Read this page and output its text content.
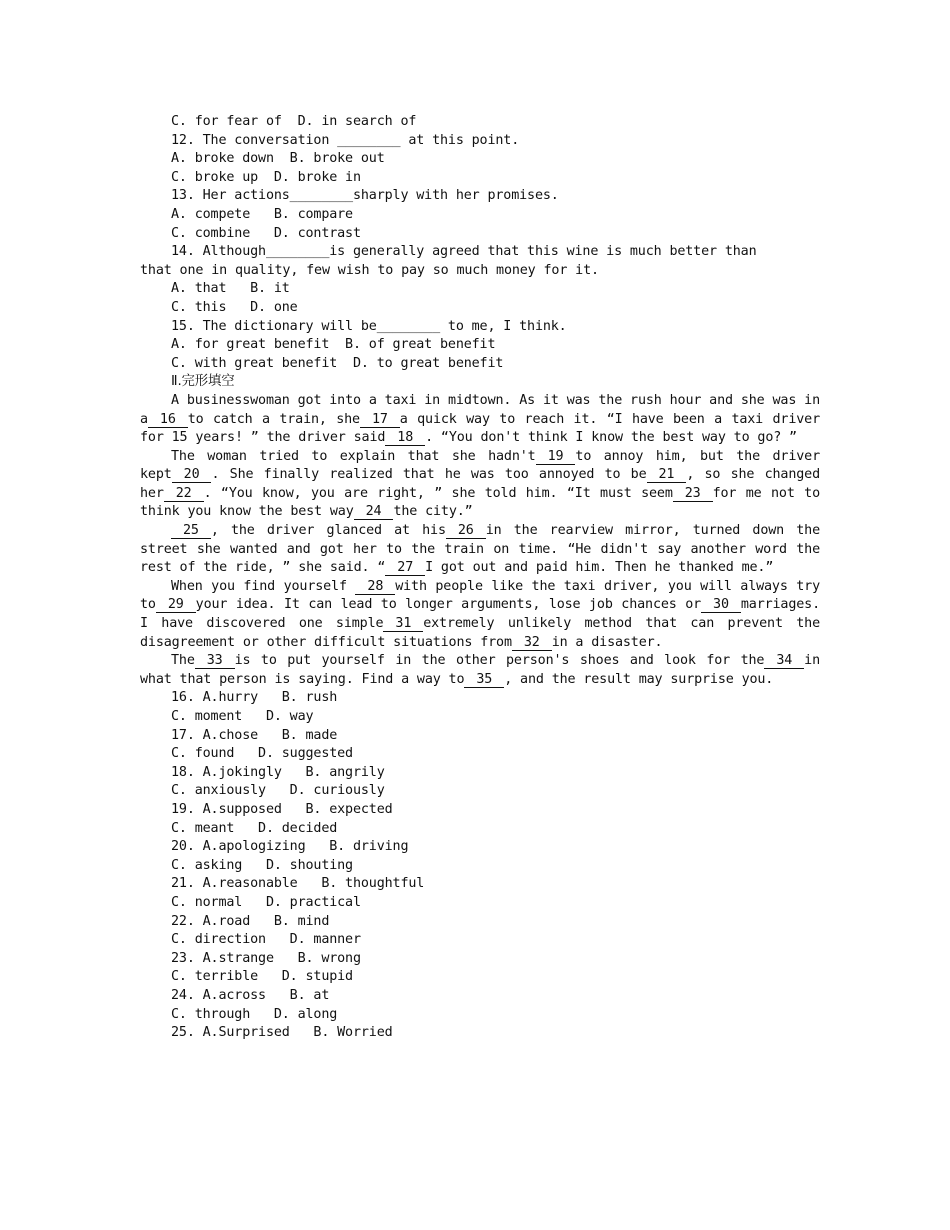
C. for fear of  D. in search of
12. The conversation ________ at this point.
A. broke down  B. broke out
C. broke up  D. broke in
13. Her actions________sharply with her promises.
A. compete   B. compare
C. combine   D. contrast
14. Although________is generally agreed that this wine is much better than
that one in quality, few wish to pay so much money for it.
A. that   B. it
C. this   D. one
15. The dictionary will be________ to me, I think.
A. for great benefit  B. of great benefit
C. with great benefit  D. to great benefit
Ⅱ.完形填空
A businesswoman got into a taxi in midtown. As it was the rush hour and she was in a 16 to catch a train, she 17 a quick way to reach it. “I have been a taxi driver for 15 years! ” the driver said 18 . “You don't think I know the best way to go? ”
The woman tried to explain that she hadn't 19 to annoy him, but the driver kept 20 . She finally realized that he was too annoyed to be 21 , so she changed her 22 . “You know, you are right, ” she told him. “It must seem 23 for me not to think you know the best way 24 the city.”
25 , the driver glanced at his 26 in the rearview mirror, turned down the street she wanted and got her to the train on time. “He didn't say another word the rest of the ride, ” she said. “ 27 I got out and paid him. Then he thanked me.”
When you find yourself 28 with people like the taxi driver, you will always try to 29 your idea. It can lead to longer arguments, lose job chances or 30 marriages. I have discovered one simple 31 extremely unlikely method that can prevent the disagreement or other difficult situations from 32 in a disaster.
The 33 is to put yourself in the other person's shoes and look for the 34 in what that person is saying. Find a way to 35 , and the result may surprise you.
16. A.hurry   B. rush
C. moment   D. way
17. A.chose   B. made
C. found   D. suggested
18. A.jokingly   B. angrily
C. anxiously   D. curiously
19. A.supposed   B. expected
C. meant   D. decided
20. A.apologizing   B. driving
C. asking   D. shouting
21. A.reasonable   B. thoughtful
C. normal   D. practical
22. A.road   B. mind
C. direction   D. manner
23. A.strange   B. wrong
C. terrible   D. stupid
24. A.across   B. at
C. through   D. along
25. A.Surprised   B. Worried
